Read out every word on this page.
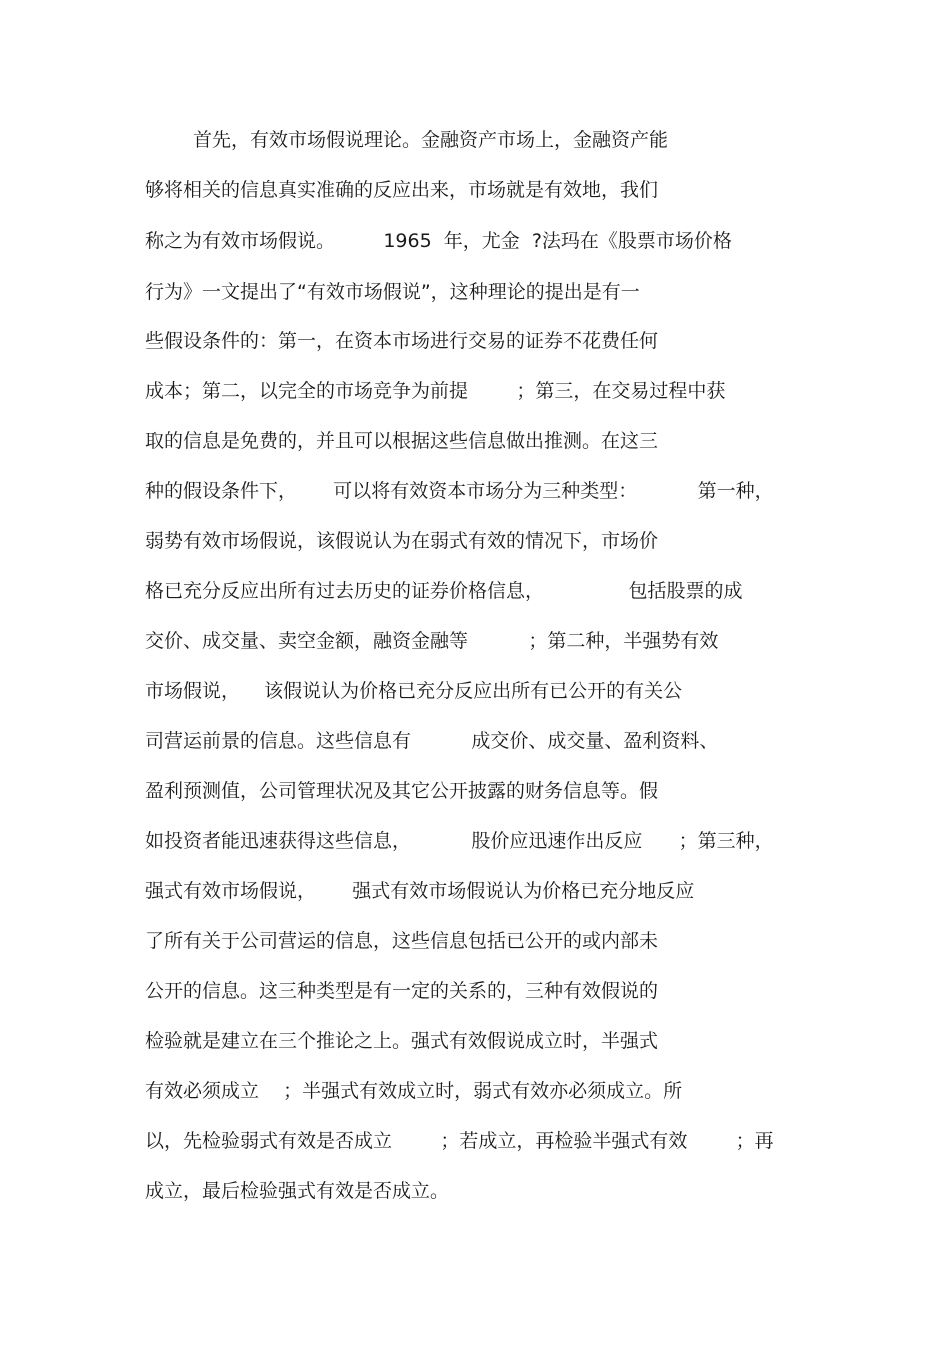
首先，有效市场假说理论。金融资产市场上，金融资产能
够将相关的信息真实准确的反应出来，市场就是有效地，我们
称之为有效市场假说。        1965  年，尤金  ?法玛在《股票市场价格
行为》一文提出了“有效市场假说”，这种理论的提出是有一
些假设条件的：第一，在资本市场进行交易的证券不花费任何
成本；第二，以完全的市场竞争为前提        ；第三，在交易过程中获
取的信息是免费的，并且可以根据这些信息做出推测。在这三
种的假设条件下，      可以将有效资本市场分为三种类型：          第一种，
弱势有效市场假说，该假说认为在弱式有效的情况下，市场价
格已充分反应出所有过去历史的证券价格信息，              包括股票的成
交价、成交量、卖空金额，融资金融等          ；第二种，半强势有效
市场假说，    该假说认为价格已充分反应出所有已公开的有关公
司营运前景的信息。这些信息有          成交价、成交量、盈利资料、
盈利预测值，公司管理状况及其它公开披露的财务信息等。假
如投资者能迅速获得这些信息，          股价应迅速作出反应      ；第三种，
强式有效市场假说，      强式有效市场假说认为价格已充分地反应
了所有关于公司营运的信息，这些信息包括已公开的或内部未
公开的信息。这三种类型是有一定的关系的，三种有效假说的
检验就是建立在三个推论之上。强式有效假说成立时，半强式
有效必须成立    ；半强式有效成立时，弱式有效亦必须成立。所
以，先检验弱式有效是否成立        ；若成立，再检验半强式有效        ；再
成立，最后检验强式有效是否成立。
